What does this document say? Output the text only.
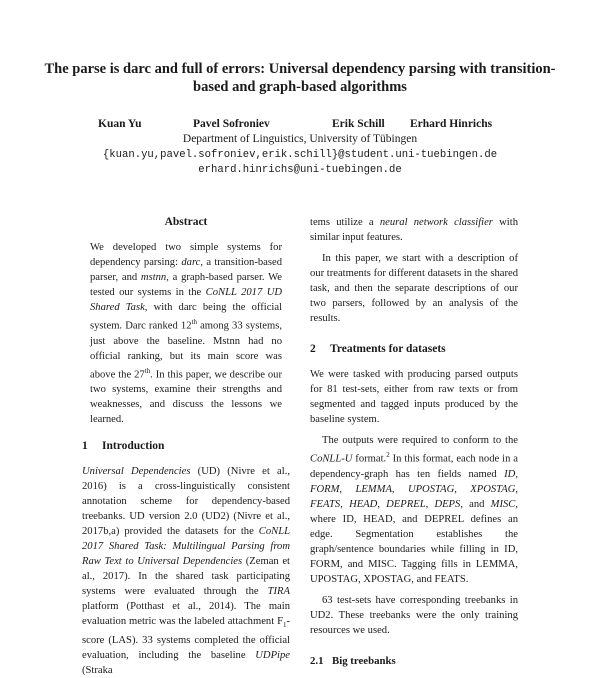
The parse is darc and full of errors: Universal dependency parsing with transition-based and graph-based algorithms
Kuan Yu	Pavel Sofroniev	Erik Schill Erhard Hinrichs
Department of Linguistics, University of Tübingen
{kuan.yu,pavel.sofroniev,erik.schill}@student.uni-tuebingen.de
erhard.hinrichs@uni-tuebingen.de
Abstract

We developed two simple systems for dependency parsing: darc, a transition-based parser, and mstnn, a graph-based parser. We tested our systems in the CoNLL 2017 UD Shared Task, with darc being the official system. Darc ranked 12th among 33 systems, just above the baseline. Mstnn had no official ranking, but its main score was above the 27th. In this paper, we describe our two systems, examine their strengths and weaknesses, and discuss the lessons we learned.

1 Introduction

Universal Dependencies (UD) (Nivre et al., 2016) is a cross-linguistically consistent annotation scheme for dependency-based treebanks. UD version 2.0 (UD2) (Nivre et al., 2017b,a) provided the datasets for the CoNLL 2017 Shared Task: Multilingual Parsing from Raw Text to Universal Dependencies (Zeman et al., 2017). In the shared task participating systems were evaluated through the TIRA platform (Potthast et al., 2014). The main evaluation metric was the labeled attachment $F_1$-score (LAS). 33 systems completed the official evaluation, including the baseline UDPipe (Straka

tems utilize a neural network classifier with similar input features.

In this paper, we start with a description of our treatments for different datasets in the shared task, and then the separate descriptions of our two parsers, followed by an analysis of the results.

2 Treatments for datasets

We were tasked with producing parsed outputs for 81 test-sets, either from raw texts or from segmented and tagged inputs produced by the baseline system.

The outputs were required to conform to the CoNLL-U format.$^2$ In this format, each node in a dependency-graph has ten fields named ID, FORM, LEMMA, UPOSTAG, XPOSTAG, FEATS, HEAD, DEPREL, DEPS, and MISC, where ID, HEAD, and DEPREL defines an edge. Segmentation establishes the graph/sentence boundaries while filling in ID, FORM, and MISC. Tagging fills in LEMMA, UPOSTAG, XPOSTAG, and FEATS.

63 test-sets have corresponding treebanks in UD2. These treebanks were the only training resources we used.

2.1 Big treebanks
